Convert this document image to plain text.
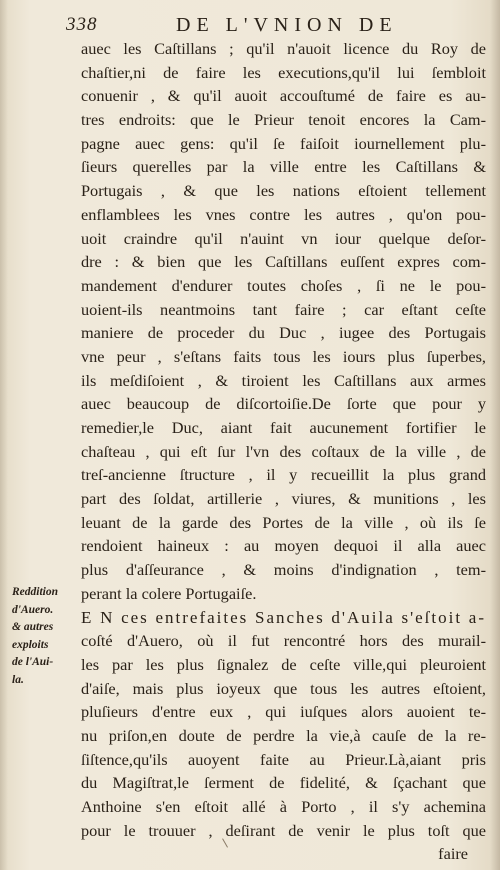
338	DE L'VNION DE
auec les Caſtillans ; qu'il n'auoit licence du Roy de
chaſtier,ni de faire les executions,qu'il lui ſembloit
conuenir , & qu'il auoit accouſtumé de faire es au-
tres endroits: que le Prieur tenoit encores la Cam-
pagne auec gens: qu'il ſe faiſoit iournellement plu-
ſieurs querelles par la ville entre les Caſtillans &
Portugais , & que les nations eſtoient tellement
enflamblees les vnes contre les autres , qu'on pou-
uoit craindre qu'il n'auint vn iour quelque deſor-
dre : & bien que les Caſtillans euſſent expres com-
mandement d'endurer toutes choſes , ſi ne le pou-
uoient-ils neantmoins tant faire ; car eſtant ceſte
maniere de proceder du Duc , iugee des Portugais
vne peur , s'eſtans faits tous les iours plus ſuperbes,
ils meſdiſoient , & tiroient les Caſtillans aux armes
auec beaucoup de diſcortoiſie.De ſorte que pour y
remedier,le Duc, aiant fait aucunement fortifier le
chaſteau , qui eſt ſur l'vn des coſtaux de la ville , de
treſ-ancienne ſtructure , il y recueillit la plus grand
part des ſoldat, artillerie , viures, & munitions , les
leuant de la garde des Portes de la ville , où ils ſe
rendoient haineux : au moyen dequoi il alla auec
plus d'aſſeurance , & moins d'indignation , tem-
perant la colere Portugaiſe.
E N ces entrefaites Sanches d'Auila s'eſtoit a-
coſté d'Auero, où il fut rencontré hors des murail-
les par les plus ſignalez de ceſte ville,qui pleuroient
d'aiſe, mais plus ioyeux que tous les autres eſtoient,
pluſieurs d'entre eux , qui iuſques alors auoient te-
nu priſon,en doute de perdre la vie,à cauſe de la re-
ſiſtence,qu'ils auoyent faite au Prieur.Là,aiant pris
du Magiſtrat,le ſerment de fidelité, & ſçachant que
Anthoine s'en eſtoit allé à Porto , il s'y achemina
pour le trouuer , deſirant de venir le plus toſt que
faire
Reddition
d'Auero.
& autres
exploits
de l'Aui-
la.
